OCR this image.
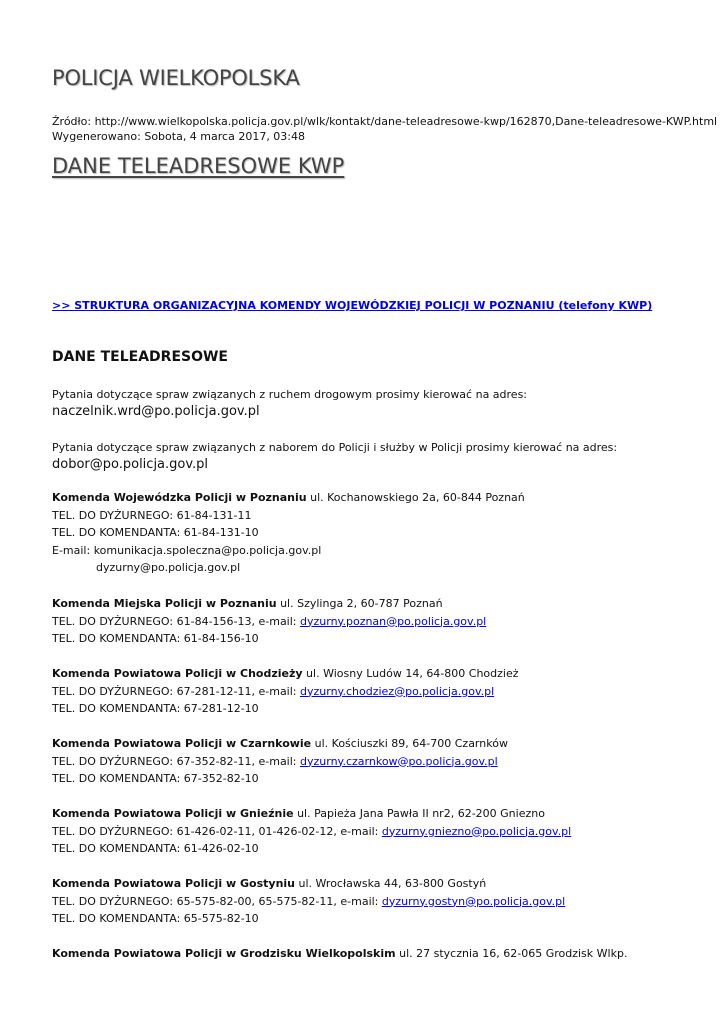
POLICJA WIELKOPOLSKA
Źródło: http://www.wielkopolska.policja.gov.pl/wlk/kontakt/dane-teleadresowe-kwp/162870,Dane-teleadresowe-KWP.html
Wygenerowano: Sobota, 4 marca 2017, 03:48
DANE TELEADRESOWE KWP
>> STRUKTURA ORGANIZACYJNA KOMENDY WOJEWÓDZKIEJ POLICJI W POZNANIU (telefony KWP)
DANE TELEADRESOWE
Pytania dotyczące spraw związanych z ruchem drogowym prosimy kierować na adres:
naczelnik.wrd@po.policja.gov.pl
Pytania dotyczące spraw związanych z naborem do Policji i służby w Policji prosimy kierować na adres:
dobor@po.policja.gov.pl
Komenda Wojewódzka Policji w Poznaniu ul. Kochanowskiego 2a, 60-844 Poznań
TEL. DO DYŻURNEGO: 61-84-131-11
TEL. DO KOMENDANTA: 61-84-131-10
E-mail: komunikacja.spoleczna@po.policja.gov.pl
dyzurny@po.policja.gov.pl
Komenda Miejska Policji w Poznaniu ul. Szylinga 2, 60-787 Poznań
TEL. DO DYŻURNEGO: 61-84-156-13, e-mail: dyzurny.poznan@po.policja.gov.pl
TEL. DO KOMENDANTA: 61-84-156-10
Komenda Powiatowa Policji w Chodzieży ul. Wiosny Ludów 14, 64-800 Chodzież
TEL. DO DYŻURNEGO: 67-281-12-11, e-mail: dyzurny.chodziez@po.policja.gov.pl
TEL. DO KOMENDANTA: 67-281-12-10
Komenda Powiatowa Policji w Czarnkowie ul. Kościuszki 89, 64-700 Czarnków
TEL. DO DYŻURNEGO: 67-352-82-11, e-mail: dyzurny.czarnkow@po.policja.gov.pl
TEL. DO KOMENDANTA: 67-352-82-10
Komenda Powiatowa Policji w Gnieźnie ul. Papieża Jana Pawła II nr2, 62-200 Gniezno
TEL. DO DYŻURNEGO: 61-426-02-11, 01-426-02-12, e-mail: dyzurny.gniezno@po.policja.gov.pl
TEL. DO KOMENDANTA: 61-426-02-10
Komenda Powiatowa Policji w Gostyniu ul. Wrocławska 44, 63-800 Gostyń
TEL. DO DYŻURNEGO: 65-575-82-00, 65-575-82-11, e-mail: dyzurny.gostyn@po.policja.gov.pl
TEL. DO KOMENDANTA: 65-575-82-10
Komenda Powiatowa Policji w Grodzisku Wielkopolskim ul. 27 stycznia 16, 62-065 Grodzisk Wlkp.
